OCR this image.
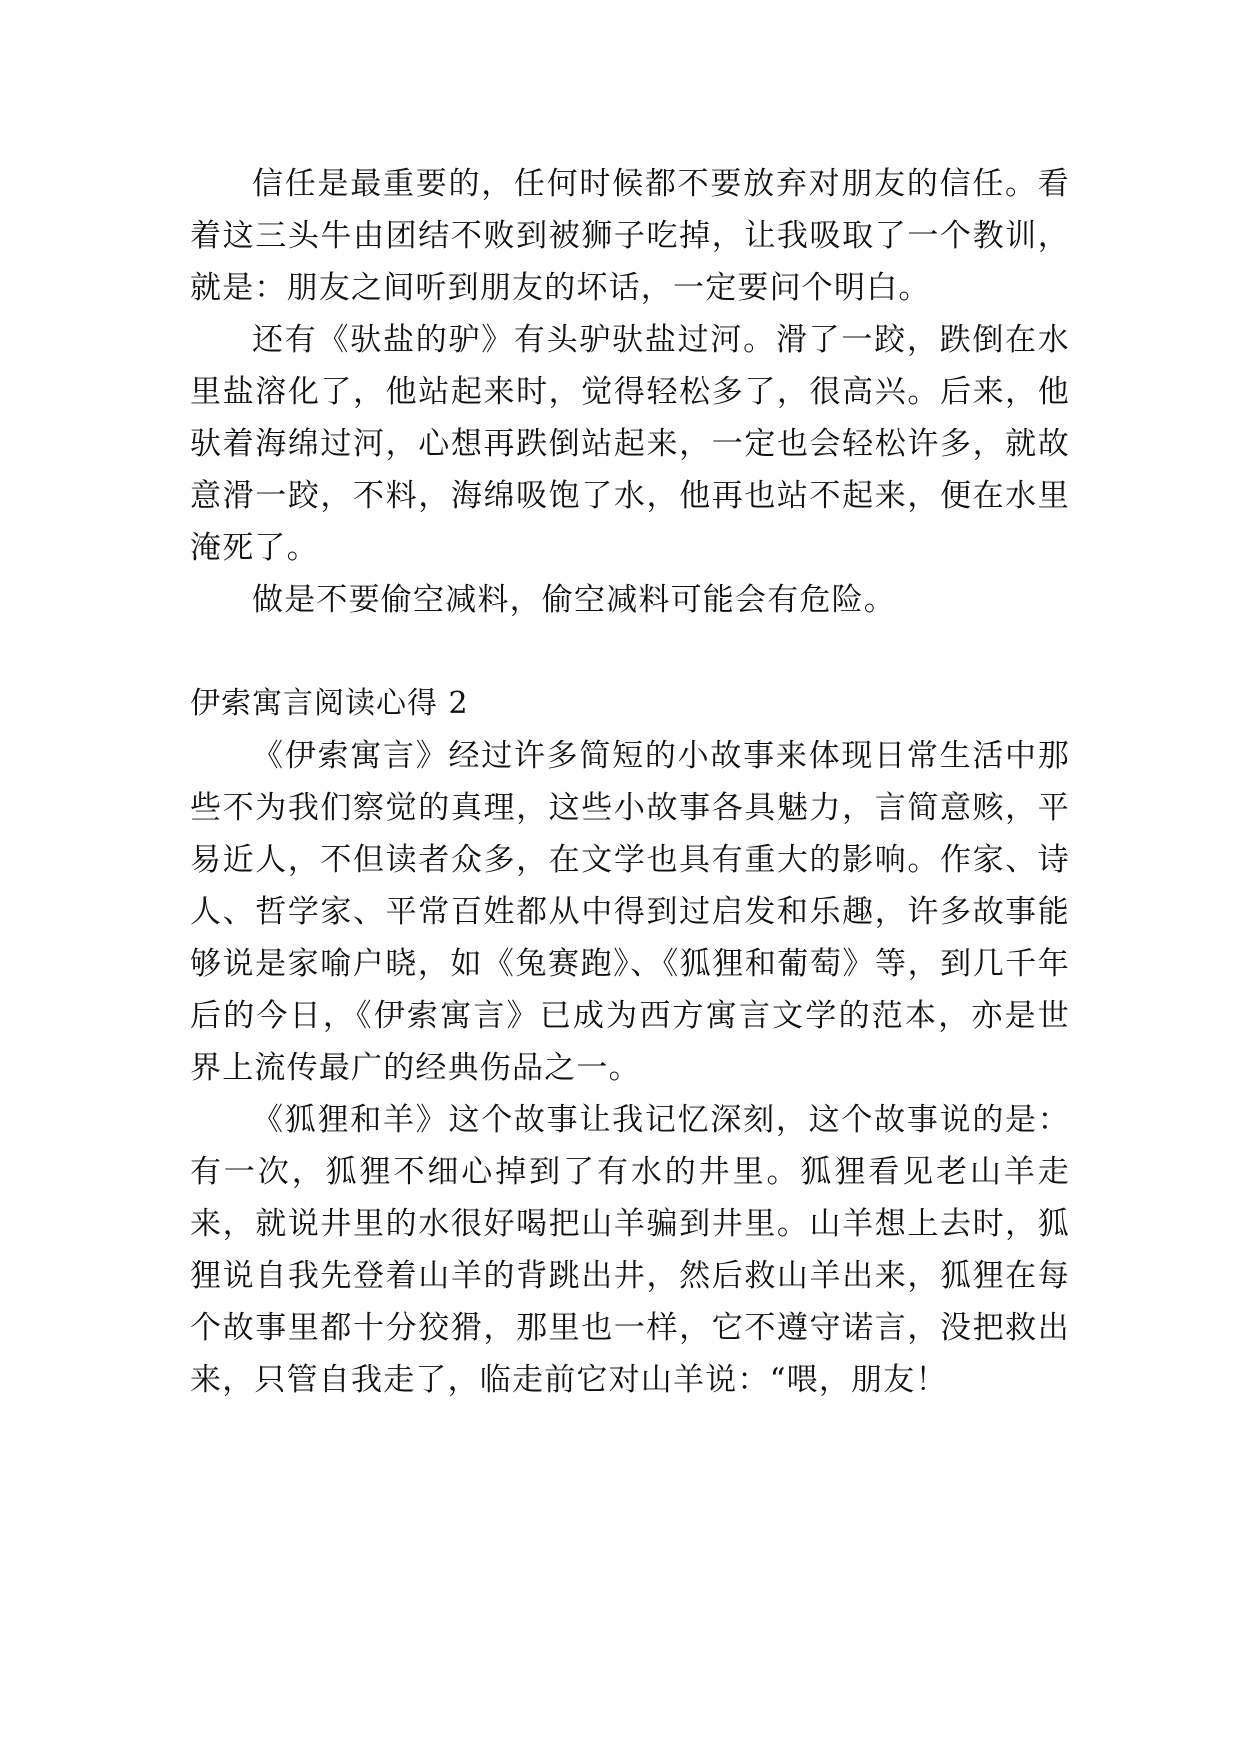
信任是最重要的，任何时候都不要放弃对朋友的信任。看着这三头牛由团结不败到被狮子吃掉，让我吸取了一个教训，就是：朋友之间听到朋友的坏话，一定要问个明白。

还有《驮盐的驴》有头驴驮盐过河。滑了一跤，跌倒在水里盐溶化了，他站起来时，觉得轻松多了，很高兴。后来，他驮着海绵过河，心想再跌倒站起来，一定也会轻松许多，就故意滑一跤，不料，海绵吸饱了水，他再也站不起来，便在水里淹死了。

做是不要偷空减料，偷空减料可能会有危险。

伊索寓言阅读心得 2

《伊索寓言》经过许多简短的小故事来体现日常生活中那些不为我们察觉的真理，这些小故事各具魅力，言简意赅，平易近人，不但读者众多，在文学也具有重大的影响。作家、诗人、哲学家、平常百姓都从中得到过启发和乐趣，许多故事能够说是家喻户晓，如《兔赛跑》、《狐狸和葡萄》等，到几千年后的今日，《伊索寓言》已成为西方寓言文学的范本，亦是世界上流传最广的经典伤品之一。

《狐狸和羊》这个故事让我记忆深刻，这个故事说的是：有一次，狐狸不细心掉到了有水的井里。狐狸看见老山羊走来，就说井里的水很好喝把山羊骗到井里。山羊想上去时，狐狸说自我先登着山羊的背跳出井，然后救山羊出来，狐狸在每个故事里都十分狡猾，那里也一样，它不遵守诺言，没把救出来，只管自我走了，临走前它对山羊说：“喂，朋友！
